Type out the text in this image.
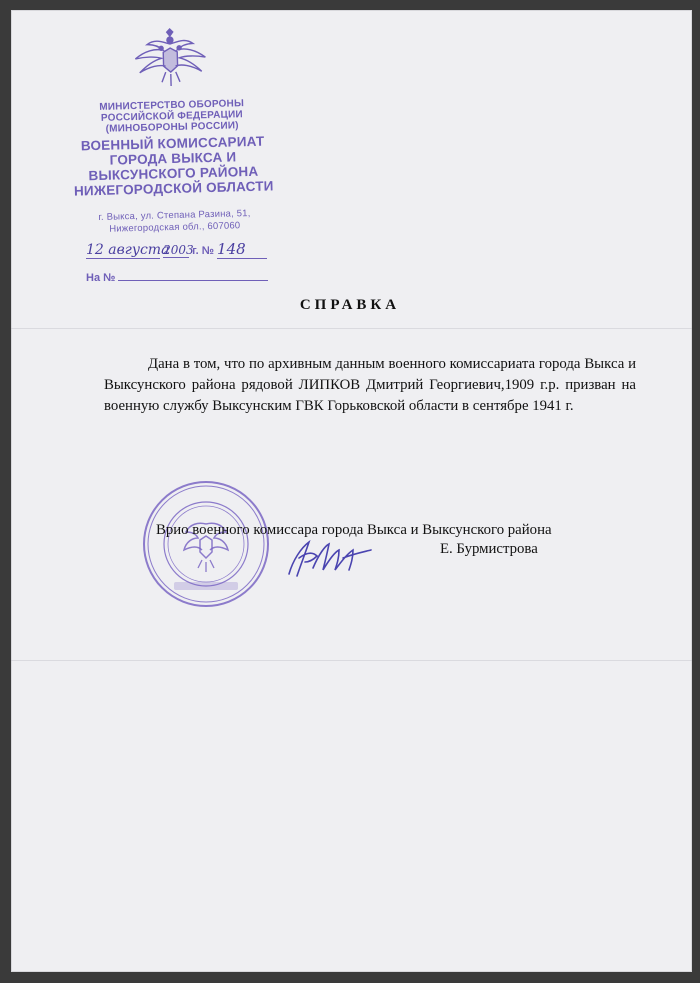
МИНИСТЕРСТВО ОБОРОНЫ
РОССИЙСКОЙ ФЕДЕРАЦИИ
(МИНОБОРОНЫ РОССИИ)
ВОЕННЫЙ КОМИССАРИАТ
ГОРОДА ВЫКСА И
ВЫКСУНСКОГО РАЙОНА
НИЖЕГОРОДСКОЙ ОБЛАСТИ
г. Выкса, ул. Степана Разина, 51,
Нижегородская обл., 607060
12 августа 2003 г. № 148
На №
СПРАВКА
Дана в том, что по архивным данным военного комиссариата города Выкса и Выксунского района рядовой ЛИПКОВ Дмитрий Георгиевич,1909 г.р. призван на военную службу Выксунским ГВК Горьковской области в сентябре 1941 г.
Врио военного комиссара города Выкса и Выксунского района
Е. Бурмистрова
